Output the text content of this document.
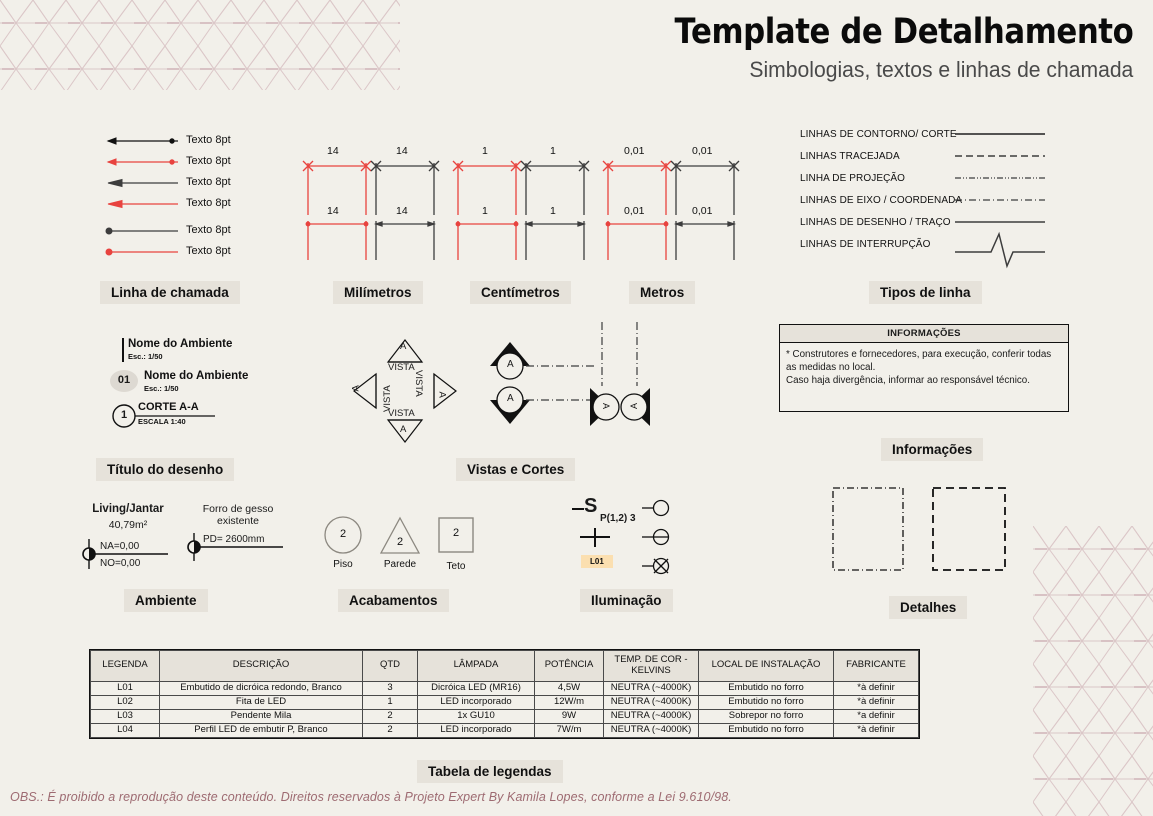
Template de Detalhamento
Simbologias, textos e linhas de chamada
Texto 8pt
Texto 8pt
Texto 8pt
Texto 8pt
Texto 8pt
Texto 8pt
Linha de chamada
14	14
14	14
Milímetros
1	1
1	1
Centímetros
0,01	0,01
0,01	0,01
Metros
LINHAS DE CONTORNO/ CORTE
LINHAS TRACEJADA
LINHA DE PROJEÇÃO
LINHAS DE EIXO / COORDENADA
LINHAS DE DESENHO / TRAÇO
LINHAS DE INTERRUPÇÃO
Tipos de linha
Nome do Ambiente
Esc.: 1/50
01	Nome do Ambiente
Esc.: 1/50
1
CORTE A-A
ESCALA 1:40
Título do desenho
A
VISTA
VISTA
A
A VISTA
VISTA A
A
A
A A
Vistas e Cortes
INFORMAÇÕES
* Construtores e fornecedores, para execução, conferir todas as medidas no local.
Caso haja divergência, informar ao responsável técnico.
Informações
Living/Jantar
40,79m²
NA=0,00
NO=0,00
Forro de gesso
existente
PD= 2600mm
Ambiente
2
Piso
2
Parede
2
Teto
Acabamentos
S
P(1,2) 3
L01
Iluminação	Detalhes
LEGENDA	DESCRIÇÃO	QTD	LÂMPADA	POTÊNCIA	TEMP. DE COR - KELVINS	LOCAL DE INSTALAÇÃO	FABRICANTE
L01	Embutido de dicróica redondo, Branco	3	Dicróica LED (MR16)	4,5W	NEUTRA (~4000K)	Embutido no forro	*à definir
L02	Fita de LED	1	LED incorporado	12W/m	NEUTRA (~4000K)	Embutido no forro	*à definir
L03	Pendente Mila	2	1x GU10	9W	NEUTRA (~4000K)	Sobrepor no forro	*a definir
L04	Perfil LED de embutir P, Branco	2	LED incorporado	7W/m	NEUTRA (~4000K)	Embutido no forro	*à definir
Tabela de legendas
OBS.: É proibido a reprodução deste conteúdo. Direitos reservados à Projeto Expert By Kamila Lopes, conforme a Lei 9.610/98.
